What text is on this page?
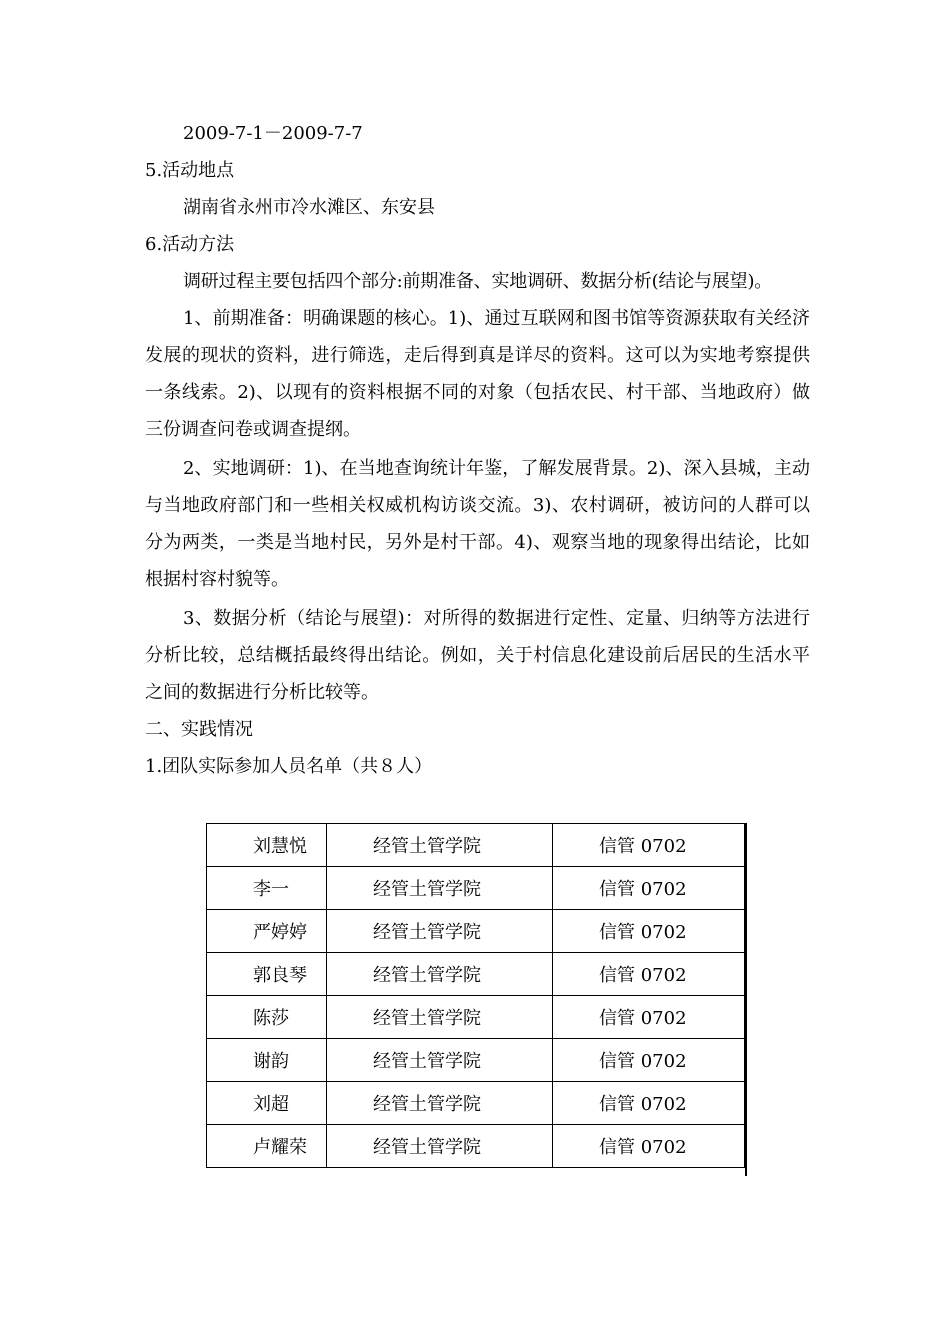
2009-7-1－2009-7-7
5.活动地点
湖南省永州市冷水滩区、东安县
6.活动方法
调研过程主要包括四个部分:前期准备、实地调研、数据分析(结论与展望)。
1、前期准备：明确课题的核心。1)、通过互联网和图书馆等资源获取有关经济发展的现状的资料，进行筛选，走后得到真是详尽的资料。这可以为实地考察提供一条线索。2)、以现有的资料根据不同的对象（包括农民、村干部、当地政府）做三份调查问卷或调查提纲。
2、实地调研：1)、在当地查询统计年鉴，了解发展背景。2)、深入县城，主动与当地政府部门和一些相关权威机构访谈交流。3)、农村调研，被访问的人群可以分为两类，一类是当地村民，另外是村干部。4)、观察当地的现象得出结论，比如根据村容村貌等。
3、数据分析（结论与展望)：对所得的数据进行定性、定量、归纳等方法进行分析比较，总结概括最终得出结论。例如，关于村信息化建设前后居民的生活水平之间的数据进行分析比较等。
二、实践情况
1.团队实际参加人员名单（共８人）
刘慧悦	经管土管学院	信管 0702
李一	经管土管学院	信管 0702
严婷婷	经管土管学院	信管 0702
郭良琴	经管土管学院	信管 0702
陈莎	经管土管学院	信管 0702
谢韵	经管土管学院	信管 0702
刘超	经管土管学院	信管 0702
卢耀荣	经管土管学院	信管 0702
